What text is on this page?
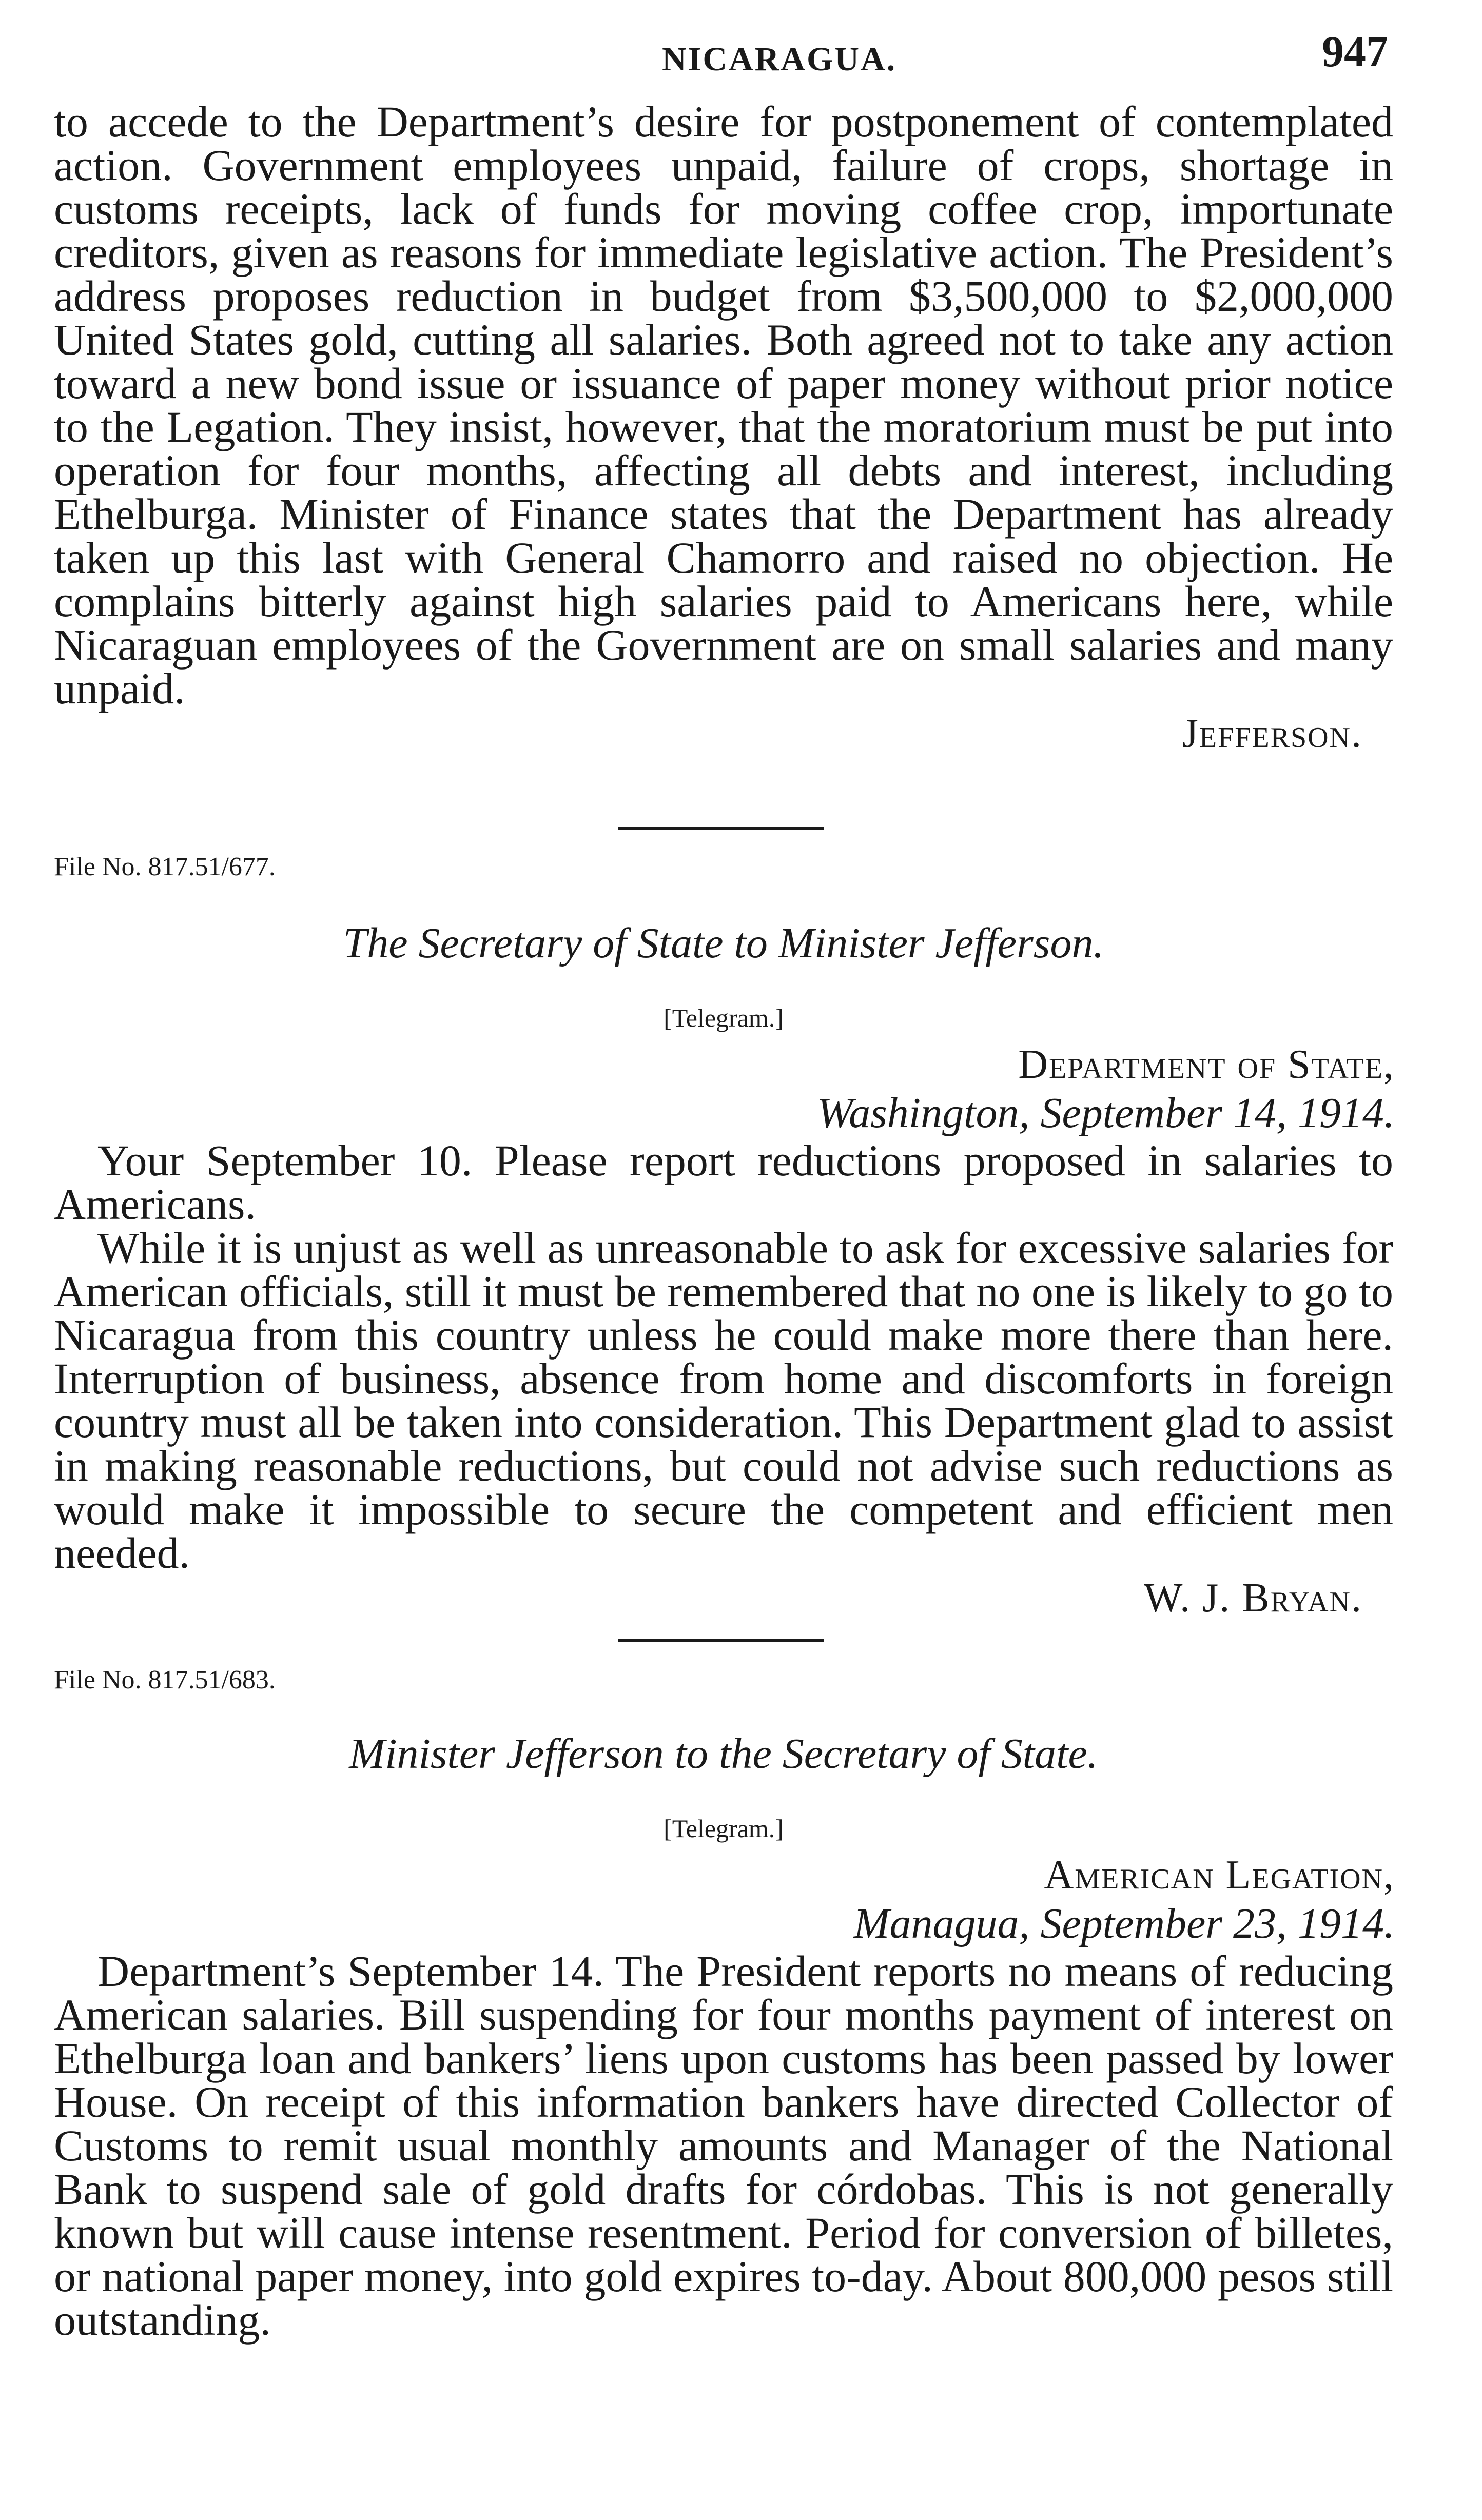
NICARAGUA.	947

to accede to the Department’s desire for postponement of contemplated action. Government employees unpaid, failure of crops, shortage in customs receipts, lack of funds for moving coffee crop, importunate creditors, given as reasons for immediate legislative action. The President’s address proposes reduction in budget from $3,500,000 to $2,000,000 United States gold, cutting all salaries. Both agreed not to take any action toward a new bond issue or issuance of paper money without prior notice to the Legation. They insist, however, that the moratorium must be put into operation for four months, affecting all debts and interest, including Ethelburga. Minister of Finance states that the Department has already taken up this last with General Chamorro and raised no objection. He complains bitterly against high salaries paid to Americans here, while Nicaraguan employees of the Government are on small salaries and many unpaid.

Jefferson.
File No. 817.51/677.
The Secretary of State to Minister Jefferson.
[Telegram.]
Department of State,
Washington, September 14, 1914.

Your September 10. Please report reductions proposed in salaries to Americans.

While it is unjust as well as unreasonable to ask for excessive salaries for American officials, still it must be remembered that no one is likely to go to Nicaragua from this country unless he could make more there than here. Interruption of business, absence from home and discomforts in foreign country must all be taken into consideration. This Department glad to assist in making reasonable reductions, but could not advise such reductions as would make it impossible to secure the competent and efficient men needed.

W. J. Bryan.
File No. 817.51/683.
Minister Jefferson to the Secretary of State.
[Telegram.]
American Legation,
Managua, September 23, 1914.

Department’s September 14. The President reports no means of reducing American salaries. Bill suspending for four months payment of interest on Ethelburga loan and bankers’ liens upon customs has been passed by lower House. On receipt of this information bankers have directed Collector of Customs to remit usual monthly amounts and Manager of the National Bank to suspend sale of gold drafts for córdobas. This is not generally known but will cause intense resentment. Period for conversion of billetes, or national paper money, into gold expires to-day. About 800,000 pesos still outstanding.
